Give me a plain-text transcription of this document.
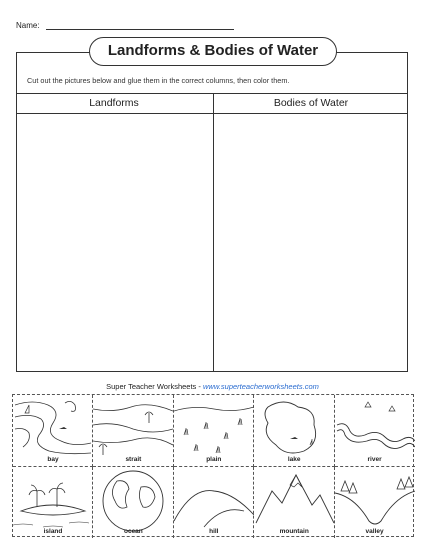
Name:
Landforms & Bodies of Water
Cut out the pictures below and glue them in the correct columns, then color them.
Landforms	Bodies of Water
Super Teacher Worksheets - www.superteacherworksheets.com
bay	strait	plain	lake	river
island	ocean	hill	mountain	valley
